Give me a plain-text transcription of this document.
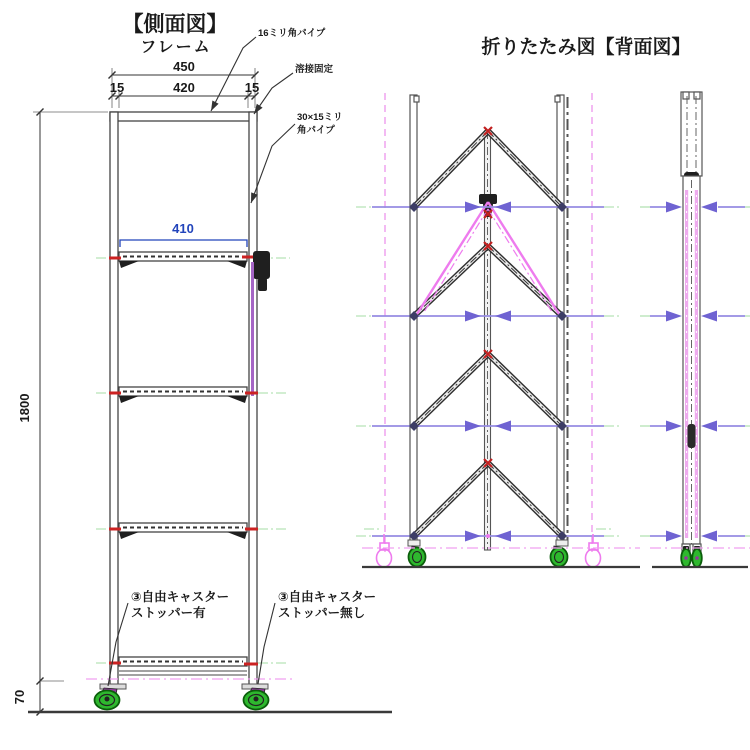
【側面図】
フレーム
450
15	420	15
1800
70
410
16ミリ角パイプ
溶接固定
30×15ミリ
角パイプ
③自由キャスター
ストッパー有
③自由キャスター
ストッパー無し
折りたたみ図【背面図】
